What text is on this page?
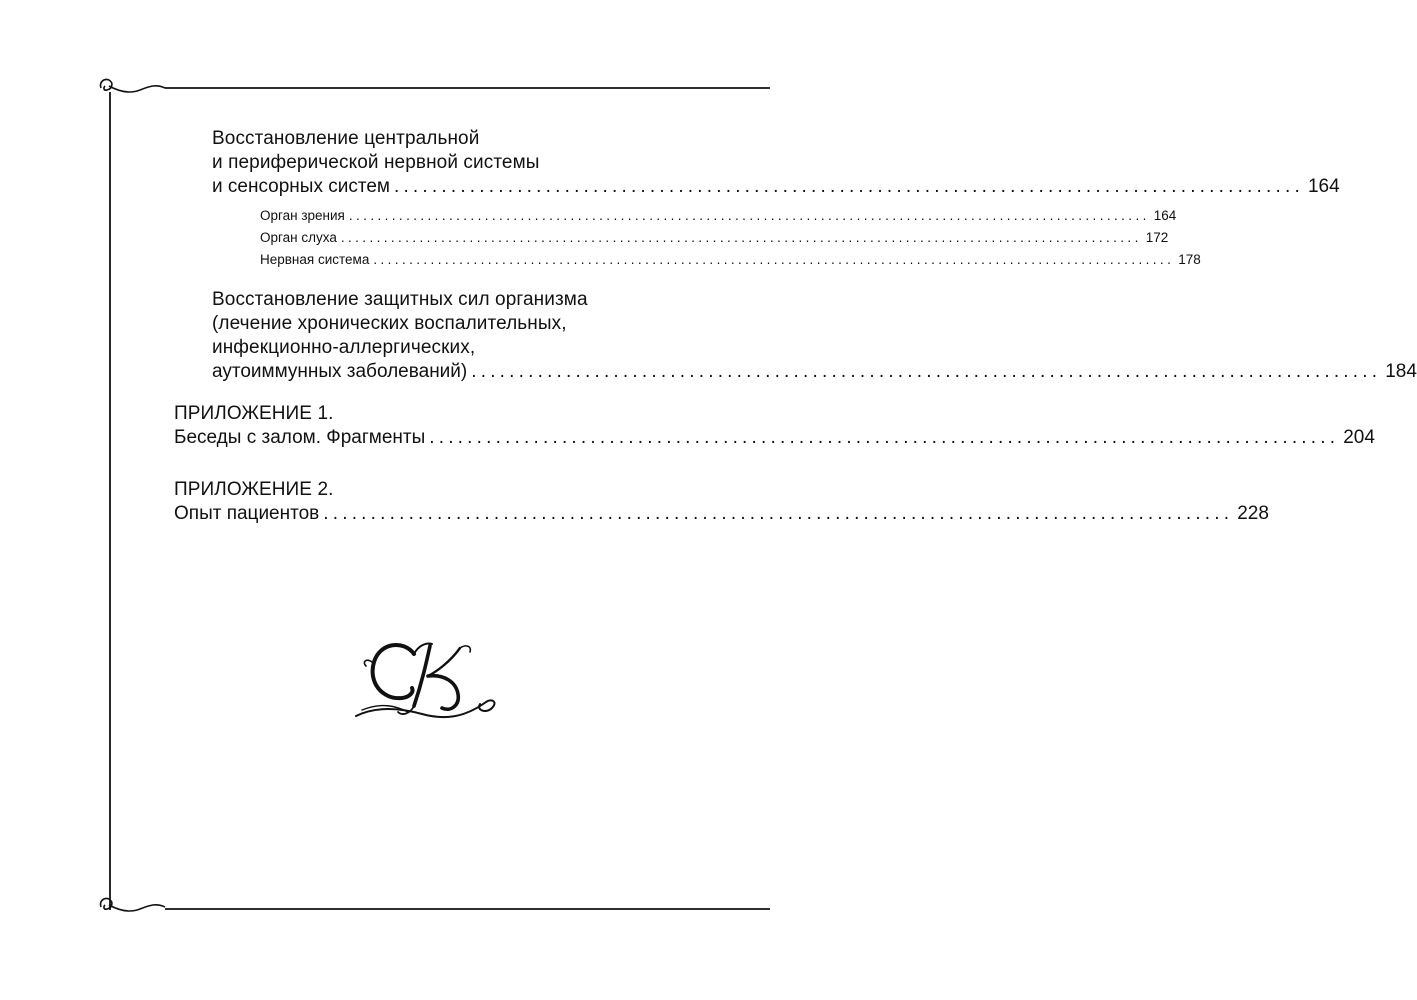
Восстановление центральной
и периферической нервной системы
и сенсорных систем ................................................................................................ 164
Орган зрения ................................................................................................................ 164
Орган слуха ................................................................................................................ 172
Нервная система ................................................................................................................ 178
Восстановление защитных сил организма
(лечение хронических воспалительных,
инфекционно-аллергических,
аутоиммунных заболеваний) ................................................................................................ 184
ПРИЛОЖЕНИЕ 1.
Беседы с залом. Фрагменты ................................................................................................ 204
ПРИЛОЖЕНИЕ 2.
Опыт пациентов ................................................................................................ 228
